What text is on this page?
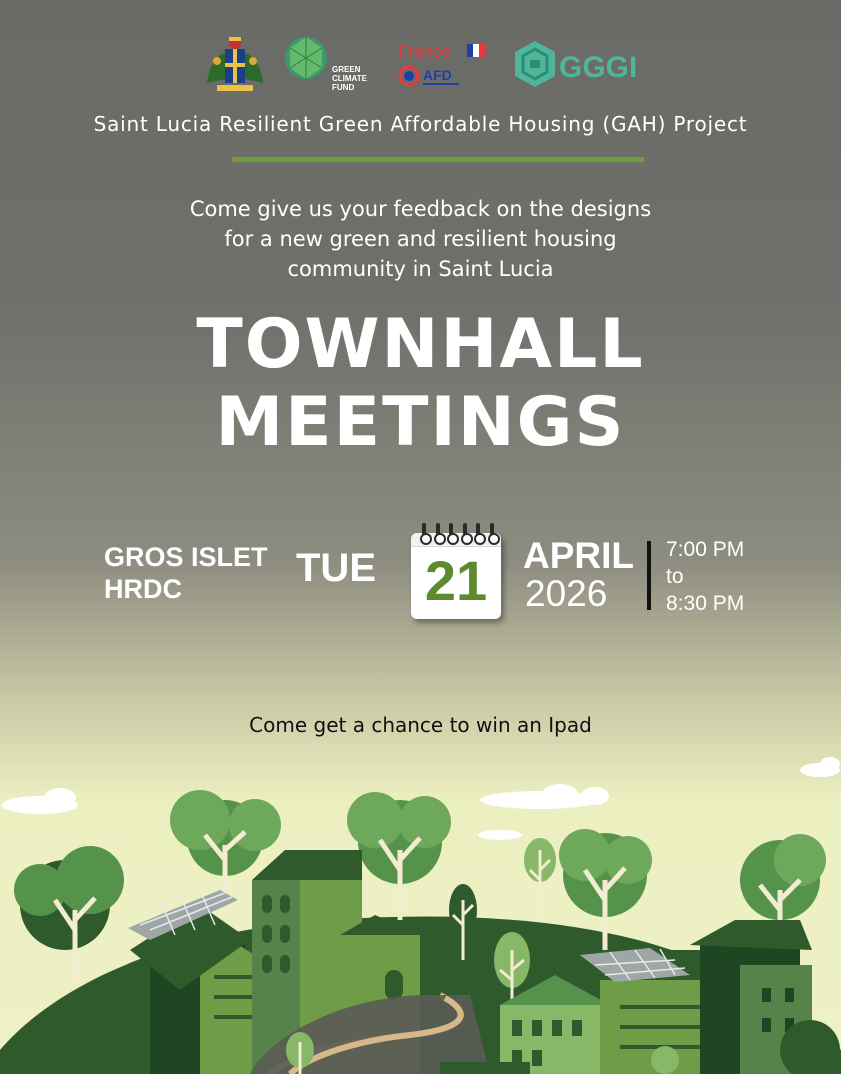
GREEN
CLIMATE
FUND
France
AFD	GGGI
Saint Lucia Resilient Green Affordable Housing (GAH) Project
Come give us your feedback on the designs
for a new green and resilient housing
community in Saint Lucia
TOWNHALL
MEETINGS
GROS ISLET
HRDC	TUE 21 APRIL
2026
7:00 PM
to
8:30 PM
Come get a chance to win an Ipad
